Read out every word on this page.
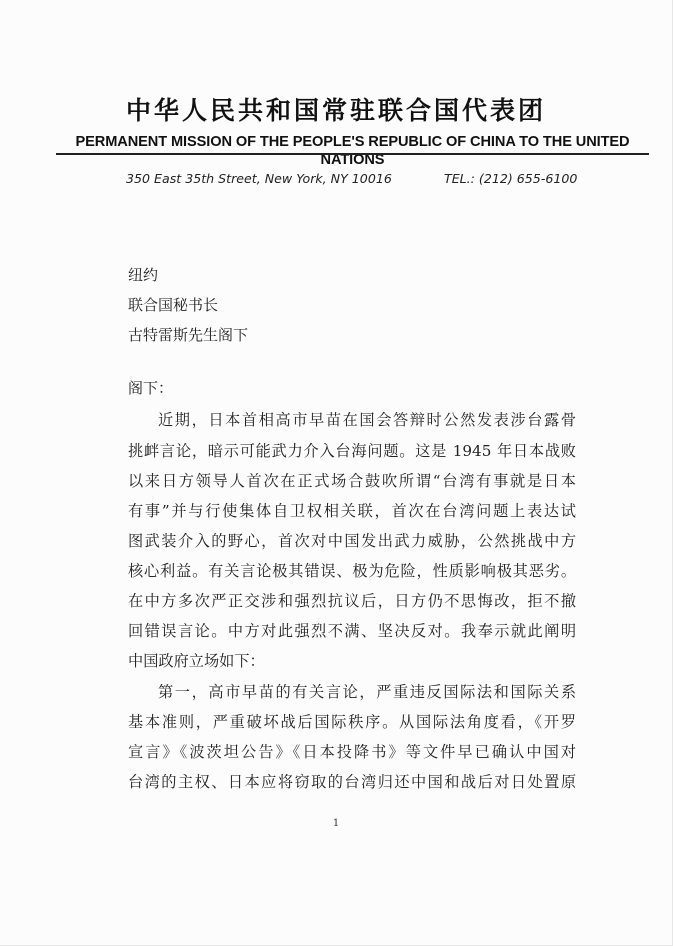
中华人民共和国常驻联合国代表团
PERMANENT MISSION OF THE PEOPLE'S REPUBLIC OF CHINA TO THE UNITED NATIONS
350 East 35th Street, New York, NY 10016	TEL.: (212) 655-6100
纽约
联合国秘书长
古特雷斯先生阁下
阁下：
近期，日本首相高市早苗在国会答辩时公然发表涉台露骨
挑衅言论，暗示可能武力介入台海问题。这是 1945 年日本战败
以来日方领导人首次在正式场合鼓吹所谓“台湾有事就是日本
有事”并与行使集体自卫权相关联，首次在台湾问题上表达试
图武装介入的野心，首次对中国发出武力威胁，公然挑战中方
核心利益。有关言论极其错误、极为危险，性质影响极其恶劣。
在中方多次严正交涉和强烈抗议后，日方仍不思悔改，拒不撤
回错误言论。中方对此强烈不满、坚决反对。我奉示就此阐明
中国政府立场如下：
第一，高市早苗的有关言论，严重违反国际法和国际关系
基本准则，严重破坏战后国际秩序。从国际法角度看，《开罗
宣言》《波茨坦公告》《日本投降书》等文件早已确认中国对
台湾的主权、日本应将窃取的台湾归还中国和战后对日处置原
1
